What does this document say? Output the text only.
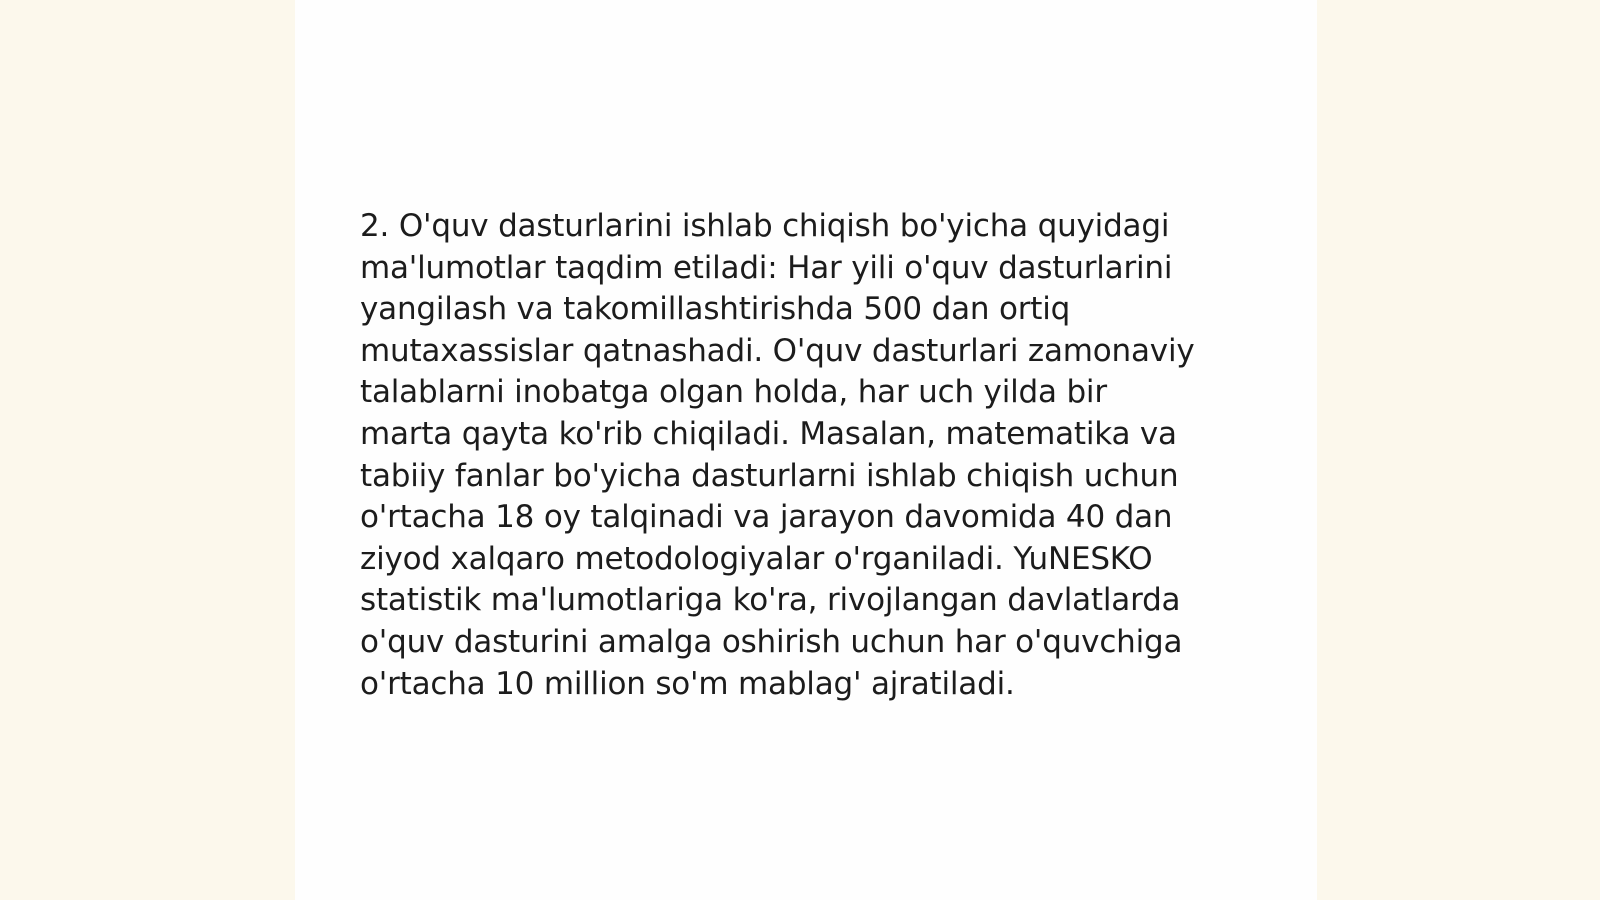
2. O'quv dasturlarini ishlab chiqish bo'yicha quyidagi
ma'lumotlar taqdim etiladi: Har yili o'quv dasturlarini
yangilash va takomillashtirishda 500 dan ortiq
mutaxassislar qatnashadi. O'quv dasturlari zamonaviy
talablarni inobatga olgan holda, har uch yilda bir
marta qayta ko'rib chiqiladi. Masalan, matematika va
tabiiy fanlar bo'yicha dasturlarni ishlab chiqish uchun
o'rtacha 18 oy talqinadi va jarayon davomida 40 dan
ziyod xalqaro metodologiyalar o'rganiladi. YuNESKO
statistik ma'lumotlariga ko'ra, rivojlangan davlatlarda
o'quv dasturini amalga oshirish uchun har o'quvchiga
o'rtacha 10 million so'm mablag' ajratiladi.
